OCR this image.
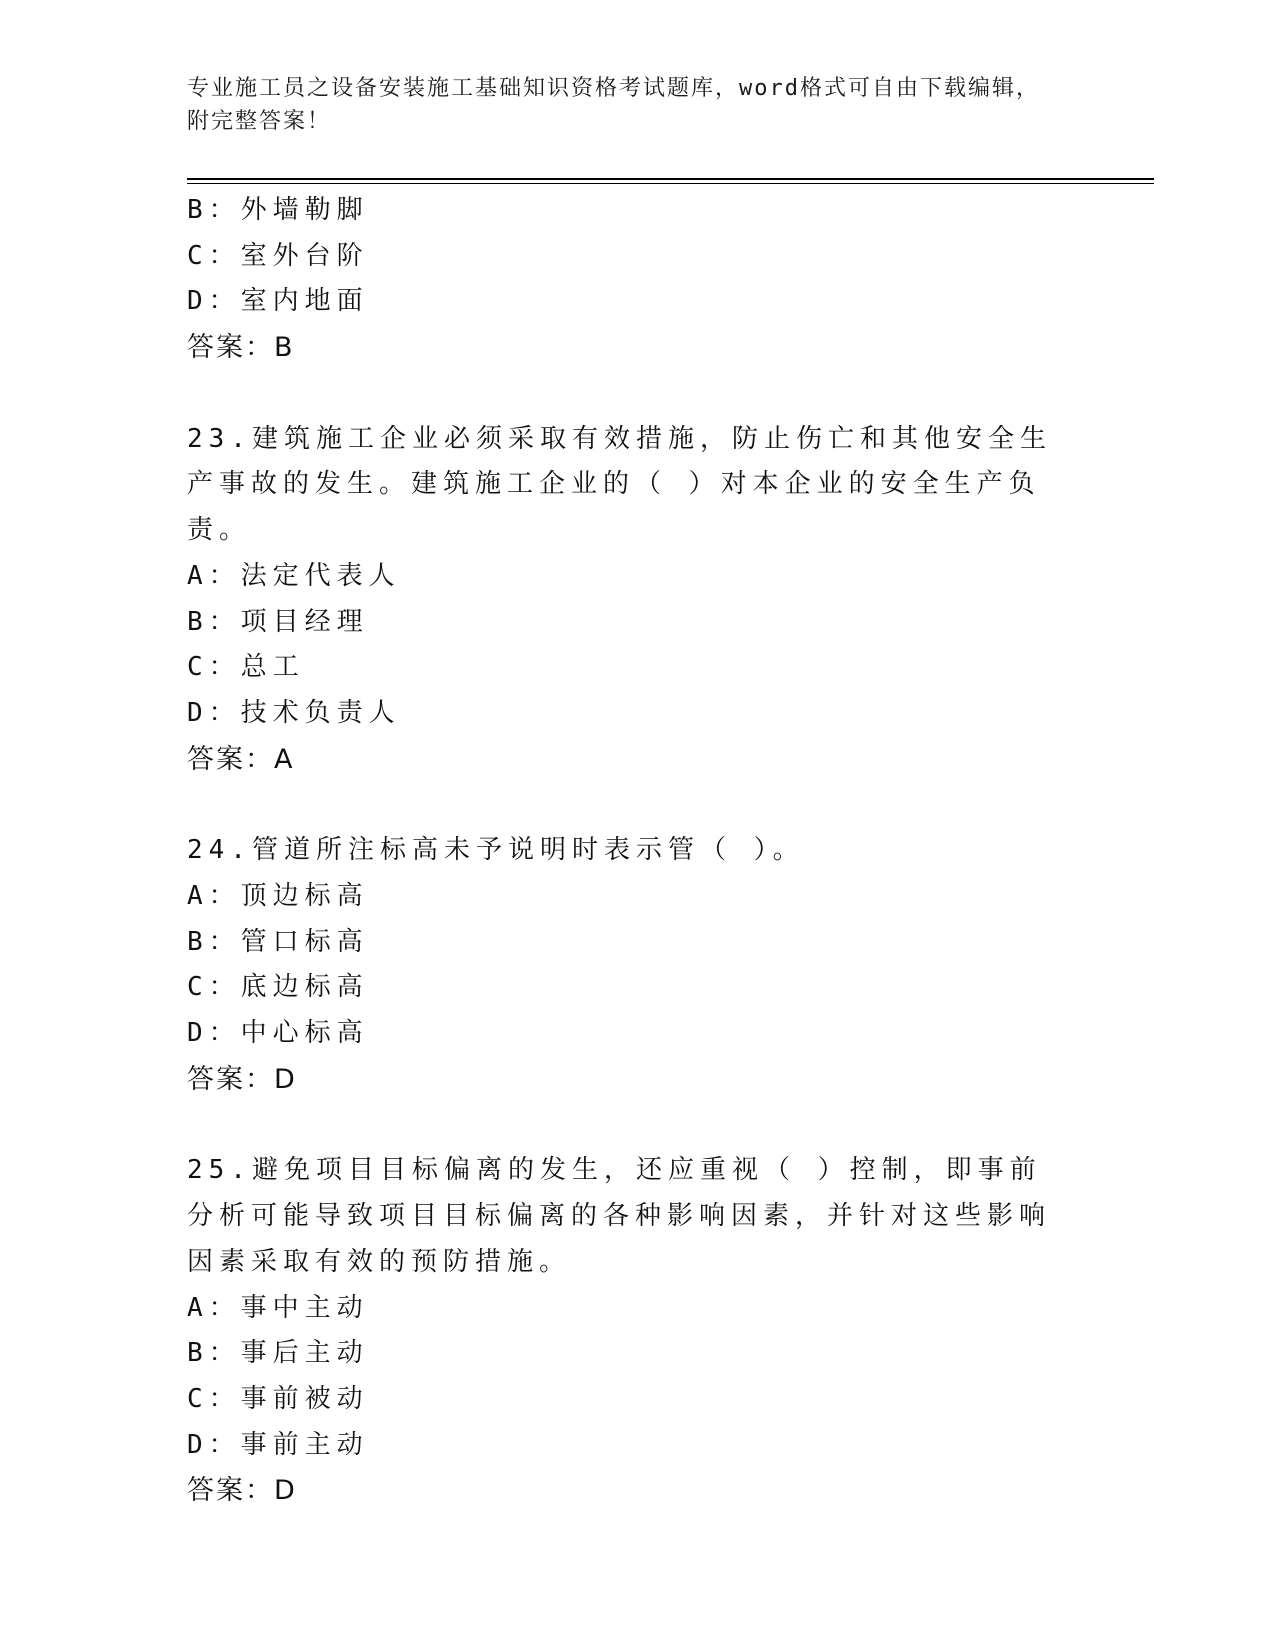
专业施工员之设备安装施工基础知识资格考试题库，word格式可自由下载编辑，
附完整答案！
B：外墙勒脚
C：室外台阶
D：室内地面
答案：B
23.建筑施工企业必须采取有效措施，防止伤亡和其他安全生产事故的发生。建筑施工企业的（ ）对本企业的安全生产负责。
A：法定代表人
B：项目经理
C：总工
D：技术负责人
答案：A
24.管道所注标高未予说明时表示管（ ）。
A：顶边标高
B：管口标高
C：底边标高
D：中心标高
答案：D
25.避免项目目标偏离的发生，还应重视（ ）控制，即事前分析可能导致项目目标偏离的各种影响因素，并针对这些影响因素采取有效的预防措施。
A：事中主动
B：事后主动
C：事前被动
D：事前主动
答案：D
